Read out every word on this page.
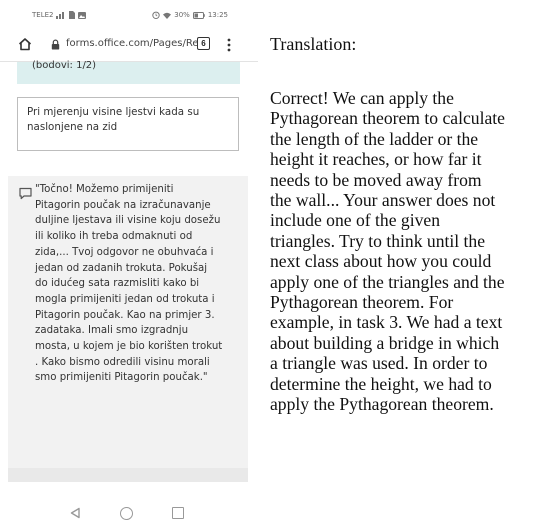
TELE2	30%	13:25
forms.office.com/Pages/Re 6
(bodovi: 1/2)
Pri mjerenju visine ljestvi kada su naslonjene na zid
"Točno! Možemo primijeniti
Pitagorin poučak na izračunavanje
duljine ljestava ili visine koju dosežu
ili koliko ih treba odmaknuti od
zida,... Tvoj odgovor ne obuhvaća i
jedan od zadanih trokuta. Pokušaj
do idućeg sata razmisliti kako bi
mogla primijeniti jedan od trokuta i
Pitagorin poučak. Kao na primjer 3.
zadataka. Imali smo izgradnju
mosta, u kojem je bio korišten trokut
. Kako bismo odredili visinu morali
smo primijeniti Pitagorin poučak."
Translation:
Correct! We can apply the
Pythagorean theorem to calculate
the length of the ladder or the
height it reaches, or how far it
needs to be moved away from
the wall... Your answer does not
include one of the given
triangles. Try to think until the
next class about how you could
apply one of the triangles and the
Pythagorean theorem. For
example, in task 3. We had a text
about building a bridge in which
a triangle was used. In order to
determine the height, we had to
apply the Pythagorean theorem.
